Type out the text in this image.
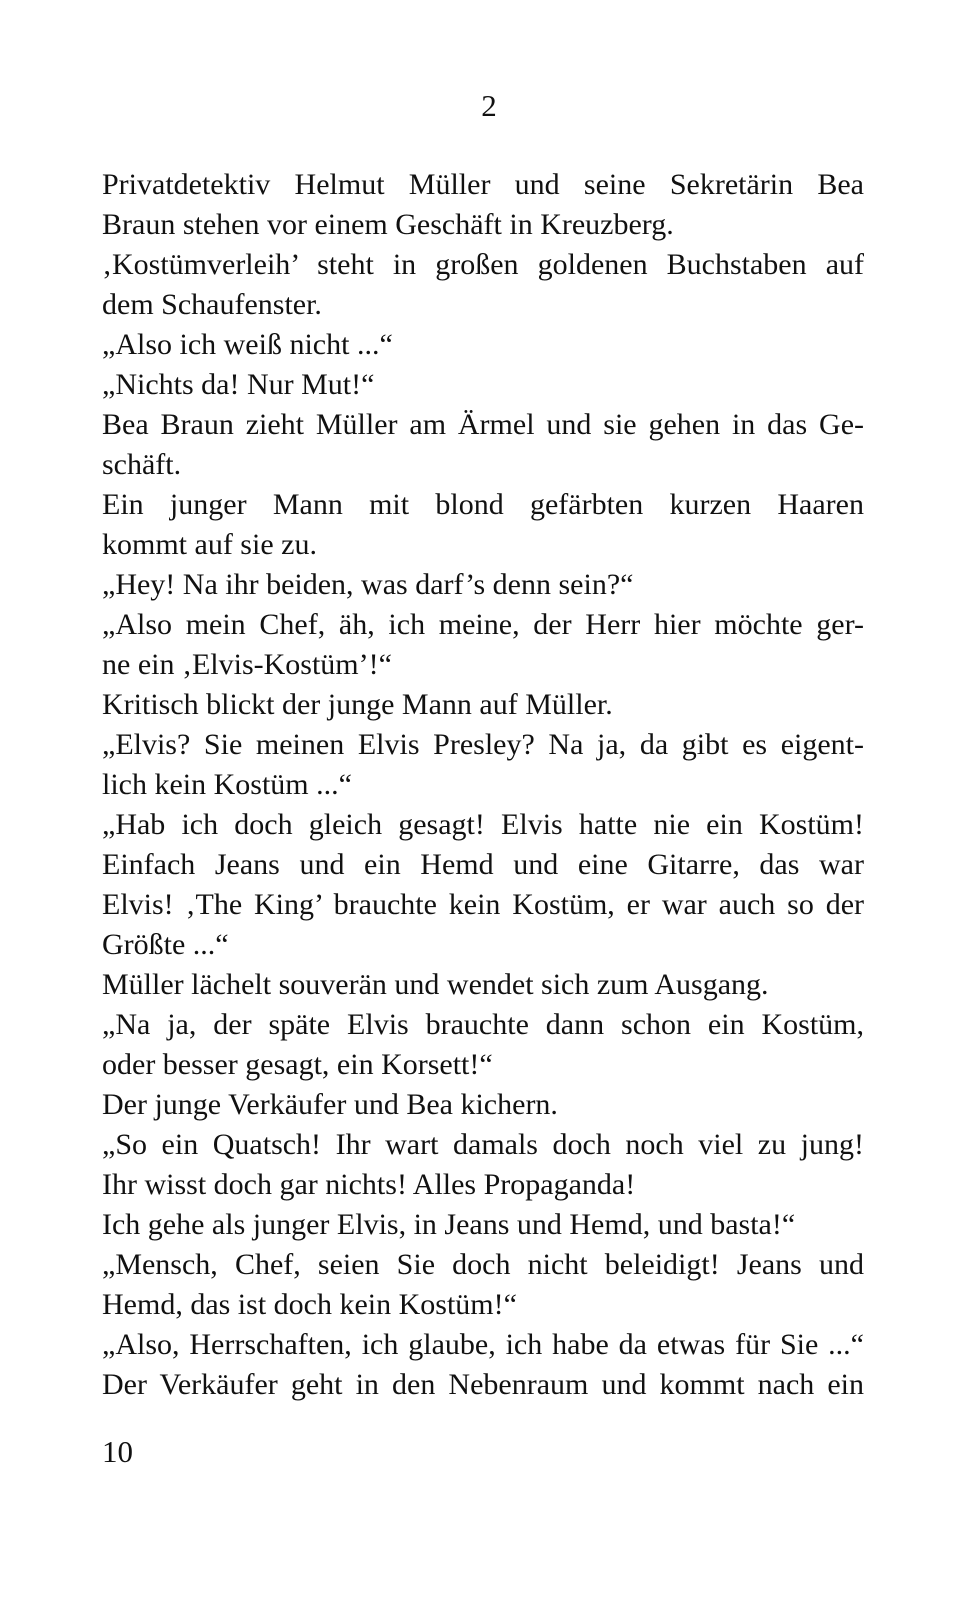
2
Privatdetektiv Helmut Müller und seine Sekretärin Bea
Braun stehen vor einem Geschäft in Kreuzberg.
‚Kostümverleih’ steht in großen goldenen Buchstaben auf
dem Schaufenster.
„Also ich weiß nicht ...“
„Nichts da! Nur Mut!“
Bea Braun zieht Müller am Ärmel und sie gehen in das Ge-
schäft.
Ein junger Mann mit blond gefärbten kurzen Haaren
kommt auf sie zu.
„Hey! Na ihr beiden, was darf’s denn sein?“
„Also mein Chef, äh, ich meine, der Herr hier möchte ger-
ne ein ‚Elvis-Kostüm’!“
Kritisch blickt der junge Mann auf Müller.
„Elvis? Sie meinen Elvis Presley? Na ja, da gibt es eigent-
lich kein Kostüm ...“
„Hab ich doch gleich gesagt! Elvis hatte nie ein Kostüm!
Einfach Jeans und ein Hemd und eine Gitarre, das war
Elvis! ‚The King’ brauchte kein Kostüm, er war auch so der
Größte ...“
Müller lächelt souverän und wendet sich zum Ausgang.
„Na ja, der späte Elvis brauchte dann schon ein Kostüm,
oder besser gesagt, ein Korsett!“
Der junge Verkäufer und Bea kichern.
„So ein Quatsch! Ihr wart damals doch noch viel zu jung!
Ihr wisst doch gar nichts! Alles Propaganda!
Ich gehe als junger Elvis, in Jeans und Hemd, und basta!“
„Mensch, Chef, seien Sie doch nicht beleidigt! Jeans und
Hemd, das ist doch kein Kostüm!“
„Also, Herrschaften, ich glaube, ich habe da etwas für Sie ...“
Der Verkäufer geht in den Nebenraum und kommt nach ein
10
